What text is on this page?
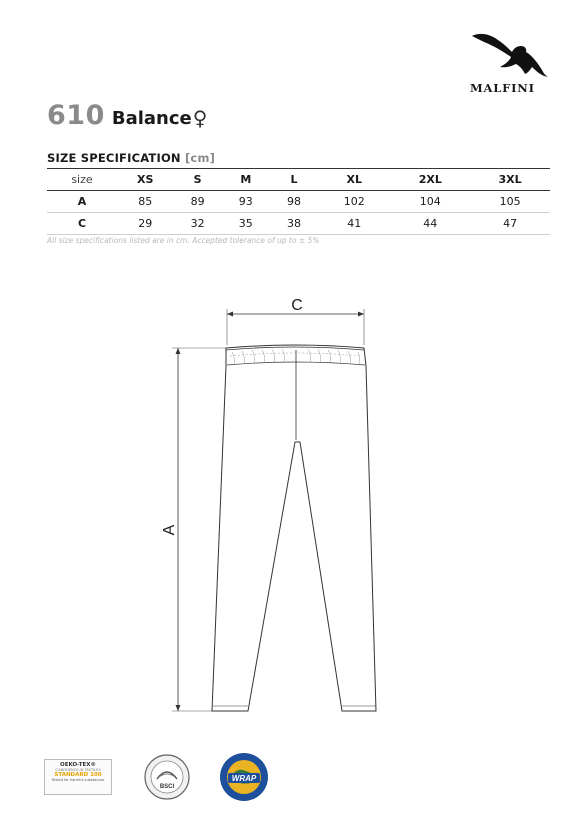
MALFINI
610 Balance ♀
SIZE SPECIFICATION [cm]
size	XS	S	M	L	XL	2XL	3XL
A	85	89	93	98	102	104	105
C	29	32	35	38	41	44	47
All size specifications listed are in cm. Accepted tolerance of up to ± 5%
C
A
OEKO-TEX®
CONFIDENCE IN TEXTILES
STANDARD 100
Tested for harmful substances
BSCI
WRAP
